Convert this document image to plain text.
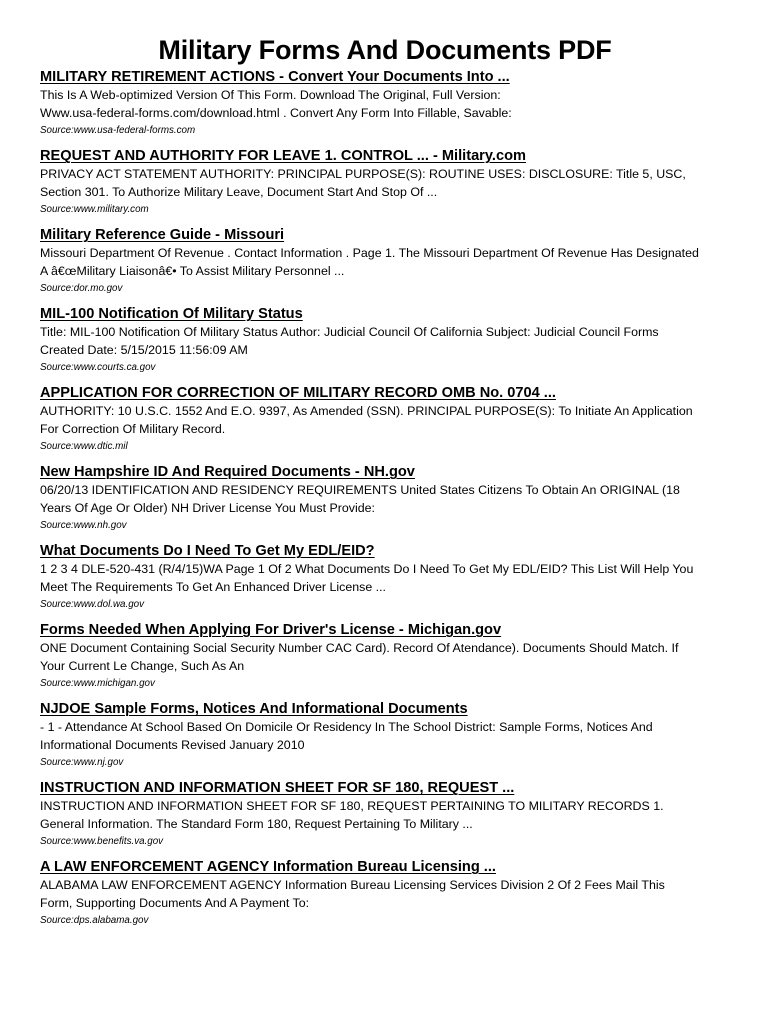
Military Forms And Documents PDF
MILITARY RETIREMENT ACTIONS - Convert Your Documents Into ...
This Is A Web-optimized Version Of This Form. Download The Original, Full Version:
Www.usa-federal-forms.com/download.html . Convert Any Form Into Fillable, Savable:
Source:www.usa-federal-forms.com
REQUEST AND AUTHORITY FOR LEAVE 1. CONTROL ... - Military.com
PRIVACY ACT STATEMENT AUTHORITY: PRINCIPAL PURPOSE(S): ROUTINE USES: DISCLOSURE: Title 5, USC,
Section 301. To Authorize Military Leave, Document Start And Stop Of ...
Source:www.military.com
Military Reference Guide - Missouri
Missouri Department Of Revenue . Contact Information . Page 1. The Missouri Department Of Revenue Has Designated
A â€œMilitary Liaisonâ€• To Assist Military Personnel ...
Source:dor.mo.gov
MIL-100 Notification Of Military Status
Title: MIL-100 Notification Of Military Status Author: Judicial Council Of California Subject: Judicial Council Forms
Created Date: 5/15/2015 11:56:09 AM
Source:www.courts.ca.gov
APPLICATION FOR CORRECTION OF MILITARY RECORD OMB No. 0704 ...
AUTHORITY: 10 U.S.C. 1552 And E.O. 9397, As Amended (SSN). PRINCIPAL PURPOSE(S): To Initiate An Application
For Correction Of Military Record.
Source:www.dtic.mil
New Hampshire ID And Required Documents - NH.gov
06/20/13 IDENTIFICATION AND RESIDENCY REQUIREMENTS United States Citizens To Obtain An ORIGINAL (18
Years Of Age Or Older) NH Driver License You Must Provide:
Source:www.nh.gov
What Documents Do I Need To Get My EDL/EID?
1 2 3 4 DLE-520-431 (R/4/15)WA Page 1 Of 2 What Documents Do I Need To Get My EDL/EID? This List Will Help You
Meet The Requirements To Get An Enhanced Driver License ...
Source:www.dol.wa.gov
Forms Needed When Applying For Driver's License - Michigan.gov
ONE Document Containing Social Security Number CAC Card). Record Of Atendance). Documents Should Match. If
Your Current Le Change, Such As An
Source:www.michigan.gov
NJDOE Sample Forms, Notices And Informational Documents
- 1 - Attendance At School Based On Domicile Or Residency In The School District: Sample Forms, Notices And
Informational Documents Revised January 2010
Source:www.nj.gov
INSTRUCTION AND INFORMATION SHEET FOR SF 180, REQUEST ...
INSTRUCTION AND INFORMATION SHEET FOR SF 180, REQUEST PERTAINING TO MILITARY RECORDS 1.
General Information. The Standard Form 180, Request Pertaining To Military ...
Source:www.benefits.va.gov
A LAW ENFORCEMENT AGENCY Information Bureau Licensing ...
ALABAMA LAW ENFORCEMENT AGENCY Information Bureau Licensing Services Division 2 Of 2 Fees Mail This
Form, Supporting Documents And A Payment To:
Source:dps.alabama.gov
